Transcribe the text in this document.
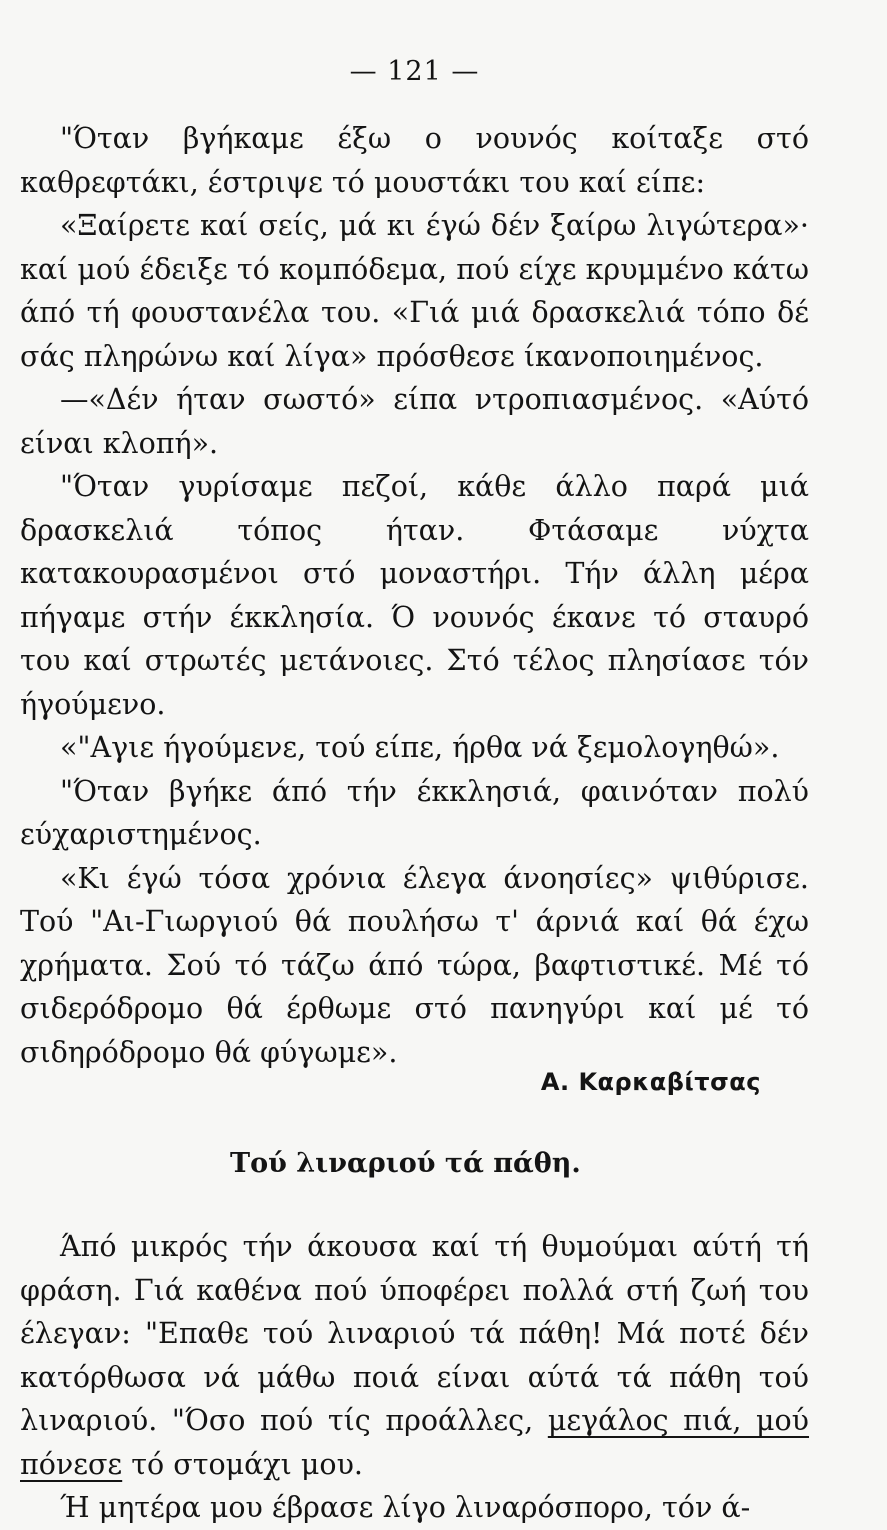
— 121 —

"Όταν βγήκαμε έξω ο νουνός κοίταξε στό καθρεφτάκι, έστριψε τό μουστάκι του καί είπε:

«Ξαίρετε καί σείς, μά κι έγώ δέν ξαίρω λιγώτερα»· καί μού έδειξε τό κομπόδεμα, πού είχε κρυμμένο κάτω άπό τή φουστανέλα του. «Γιά μιά δρασκελιά τόπο δέ σάς πληρώνω καί λίγα» πρόσθεσε ίκανοποιημένος.

—«Δέν ήταν σωστό» είπα ντροπιασμένος. «Αύτό είναι κλοπή».

"Όταν γυρίσαμε πεζοί, κάθε άλλο παρά μιά δρασκελιά τόπος ήταν. Φτάσαμε νύχτα κατακουρασμένοι στό μοναστήρι. Τήν άλλη μέρα πήγαμε στήν έκκλησία. Ό νουνός έκανε τό σταυρό του καί στρωτές μετάνοιες. Στό τέλος πλησίασε τόν ήγούμενο.

«"Αγιε ήγούμενε, τού είπε, ήρθα νά ξεμολογηθώ».

"Όταν βγήκε άπό τήν έκκλησιά, φαινόταν πολύ εύχαριστημένος.

«Κι έγώ τόσα χρόνια έλεγα άνοησίες» ψιθύρισε. Τού "Αι-Γιωργιού θά πουλήσω τ' άρνιά καί θά έχω χρήματα. Σού τό τάζω άπό τώρα, βαφτιστικέ. Μέ τό σιδερόδρομο θά έρθωμε στό πανηγύρι καί μέ τό σιδηρόδρομο θά φύγωμε».

Α. Καρκαβίτσας
Τού λιναριού τά πάθη.

Άπό μικρός τήν άκουσα καί τή θυμούμαι αύτή τή φράση. Γιά καθένα πού ύποφέρει πολλά στή ζωή του έλεγαν: "Επαθε τού λιναριού τά πάθη! Μά ποτέ δέν κατόρθωσα νά μάθω ποιά είναι αύτά τά πάθη τού λιναριού. "Όσο πού τίς προάλλες, μεγάλος πιά, μού πόνεσε τό στομάχι μου.

Ή μητέρα μου έβρασε λίγο λιναρόσπορο, τόν ά-
